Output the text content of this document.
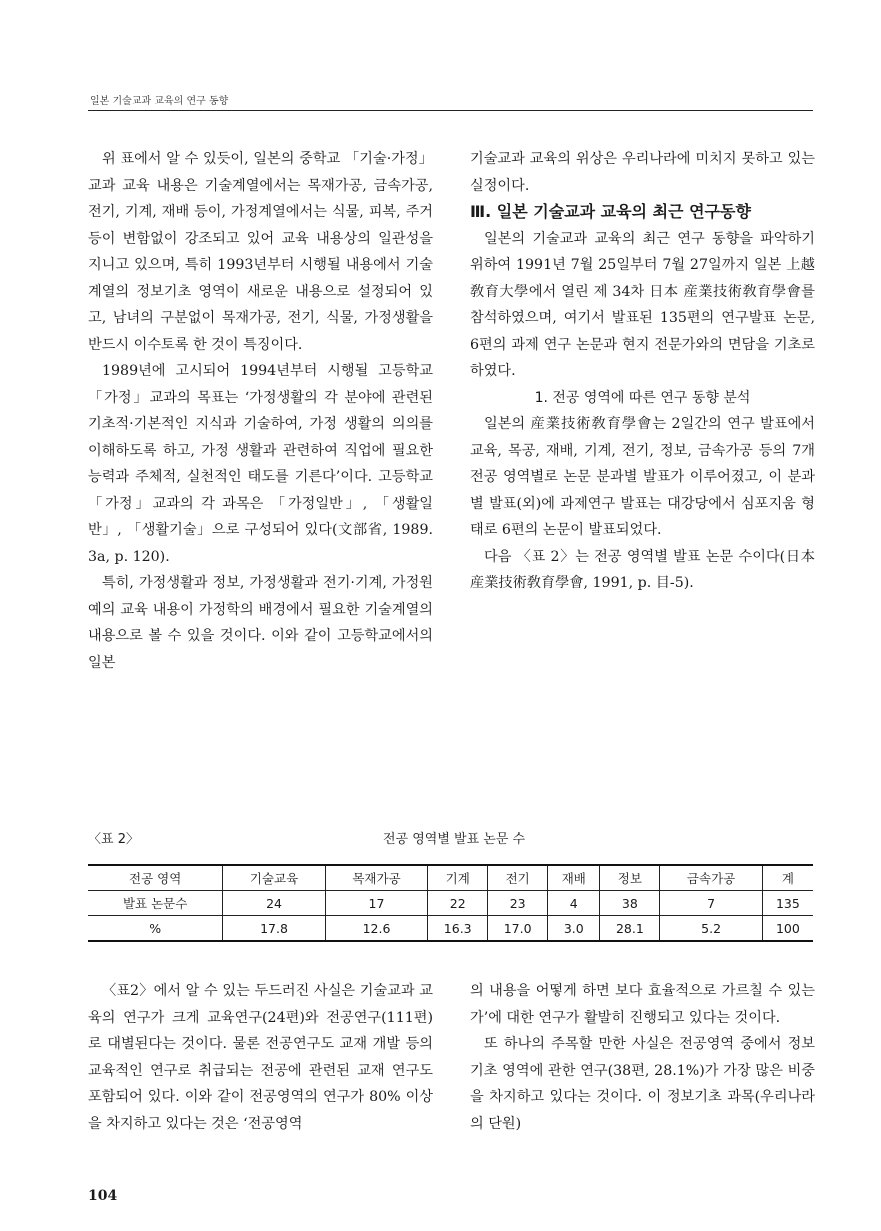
일본 기술교과 교육의 연구 동향

위 표에서 알 수 있듯이, 일본의 중학교 「기술·가정」교과 교육 내용은 기술계열에서는 목재가공, 금속가공, 전기, 기계, 재배 등이, 가정계열에서는 식물, 피복, 주거 등이 변함없이 강조되고 있어 교육 내용상의 일관성을 지니고 있으며, 특히 1993년부터 시행될 내용에서 기술계열의 정보기초 영역이 새로운 내용으로 설정되어 있고, 남녀의 구분없이 목재가공, 전기, 식물, 가정생활을 반드시 이수토록 한 것이 특징이다.

1989년에 고시되어 1994년부터 시행될 고등학교 「가정」교과의 목표는 ‘가정생활의 각 분야에 관련된 기초적·기본적인 지식과 기술하여, 가정 생활의 의의를 이해하도록 하고, 가정 생활과 관련하여 직업에 필요한 능력과 주체적, 실천적인 태도를 기른다’이다. 고등학교 「가정」교과의 각 과목은 「가정일반」, 「생활일반」, 「생활기술」으로 구성되어 있다(文部省, 1989. 3a, p. 120).

특히, 가정생활과 정보, 가정생활과 전기·기계, 가정원예의 교육 내용이 가정학의 배경에서 필요한 기술계열의 내용으로 볼 수 있을 것이다. 이와 같이 고등학교에서의 일본

기술교과 교육의 위상은 우리나라에 미치지 못하고 있는 실정이다.

Ⅲ. 일본 기술교과 교육의 최근 연구동향

일본의 기술교과 교육의 최근 연구 동향을 파악하기 위하여 1991년 7월 25일부터 7월 27일까지 일본 上越敎育大學에서 열린 제 34차 日本 産業技術敎育學會를 참석하였으며, 여기서 발표된 135편의 연구발표 논문, 6편의 과제 연구 논문과 현지 전문가와의 면담을 기초로 하였다.

1. 전공 영역에 따른 연구 동향 분석

일본의 産業技術敎育學會는 2일간의 연구 발표에서 교육, 목공, 재배, 기계, 전기, 정보, 금속가공 등의 7개 전공 영역별로 논문 분과별 발표가 이루어졌고, 이 분과별 발표(외)에 과제연구 발표는 대강당에서 심포지움 형태로 6편의 논문이 발표되었다.

다음 〈표 2〉는 전공 영역별 발표 논문 수이다(日本産業技術敎育學會, 1991, p. 目-5).

〈표 2〉	전공 영역별 발표 논문 수
전공 영역	기술교육	목재가공	기계	전기	재배	정보	금속가공	계
발표 논문수	24	17	22	23	4	38	7	135
%	17.8	12.6	16.3	17.0	3.0	28.1	5.2	100

〈표2〉에서 알 수 있는 두드러진 사실은 기술교과 교육의 연구가 크게 교육연구(24편)와 전공연구(111편)로 대별된다는 것이다. 물론 전공연구도 교재 개발 등의 교육적인 연구로 취급되는 전공에 관련된 교재 연구도 포함되어 있다. 이와 같이 전공영역의 연구가 80% 이상을 차지하고 있다는 것은 ‘전공영역

의 내용을 어떻게 하면 보다 효율적으로 가르칠 수 있는가’에 대한 연구가 활발히 진행되고 있다는 것이다.

또 하나의 주목할 만한 사실은 전공영역 중에서 정보기초 영역에 관한 연구(38편, 28.1%)가 가장 많은 비중을 차지하고 있다는 것이다. 이 정보기초 과목(우리나라의 단원)

104
